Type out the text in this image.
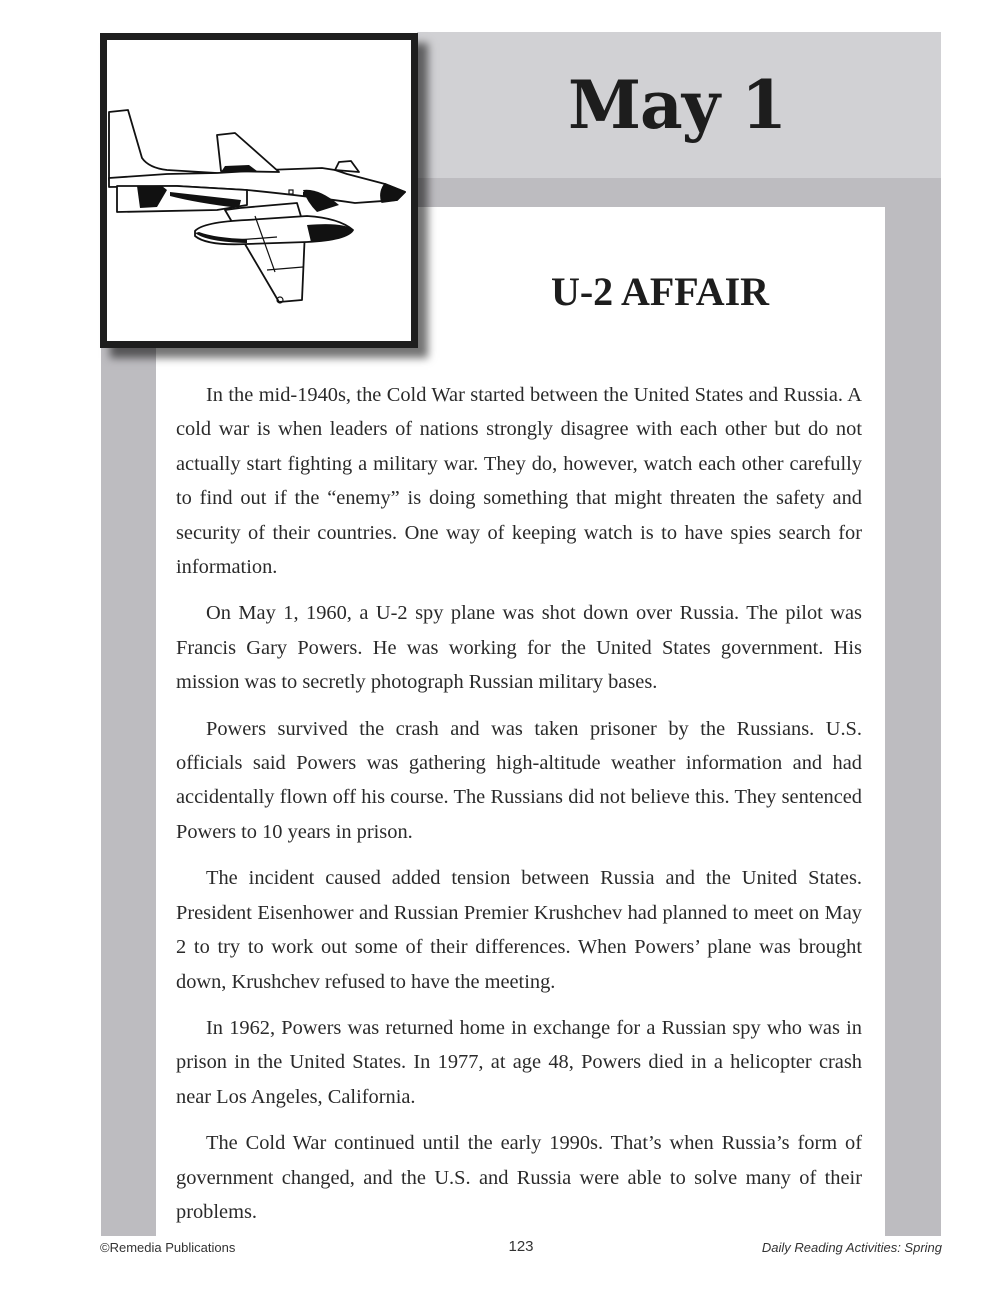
May 1
U-2 AFFAIR

In the mid-1940s, the Cold War started between the United States and Russia. A cold war is when leaders of nations strongly disagree with each other but do not actually start fighting a military war. They do, however, watch each other carefully to find out if the “enemy” is doing something that might threaten the safety and security of their countries. One way of keeping watch is to have spies search for information.

On May 1, 1960, a U-2 spy plane was shot down over Russia. The pilot was Francis Gary Powers. He was working for the United States government. His mission was to secretly photograph Russian military bases.

Powers survived the crash and was taken prisoner by the Russians. U.S. officials said Powers was gathering high-altitude weather information and had accidentally flown off his course. The Russians did not believe this. They sentenced Powers to 10 years in prison.

The incident caused added tension between Russia and the United States. President Eisenhower and Russian Premier Krushchev had planned to meet on May 2 to try to work out some of their differences. When Powers’ plane was brought down, Krushchev refused to have the meeting.

In 1962, Powers was returned home in exchange for a Russian spy who was in prison in the United States. In 1977, at age 48, Powers died in a helicopter crash near Los Angeles, California.

The Cold War continued until the early 1990s. That’s when Russia’s form of government changed, and the U.S. and Russia were able to solve many of their problems.

©Remedia Publications	123	Daily Reading Activities: Spring
